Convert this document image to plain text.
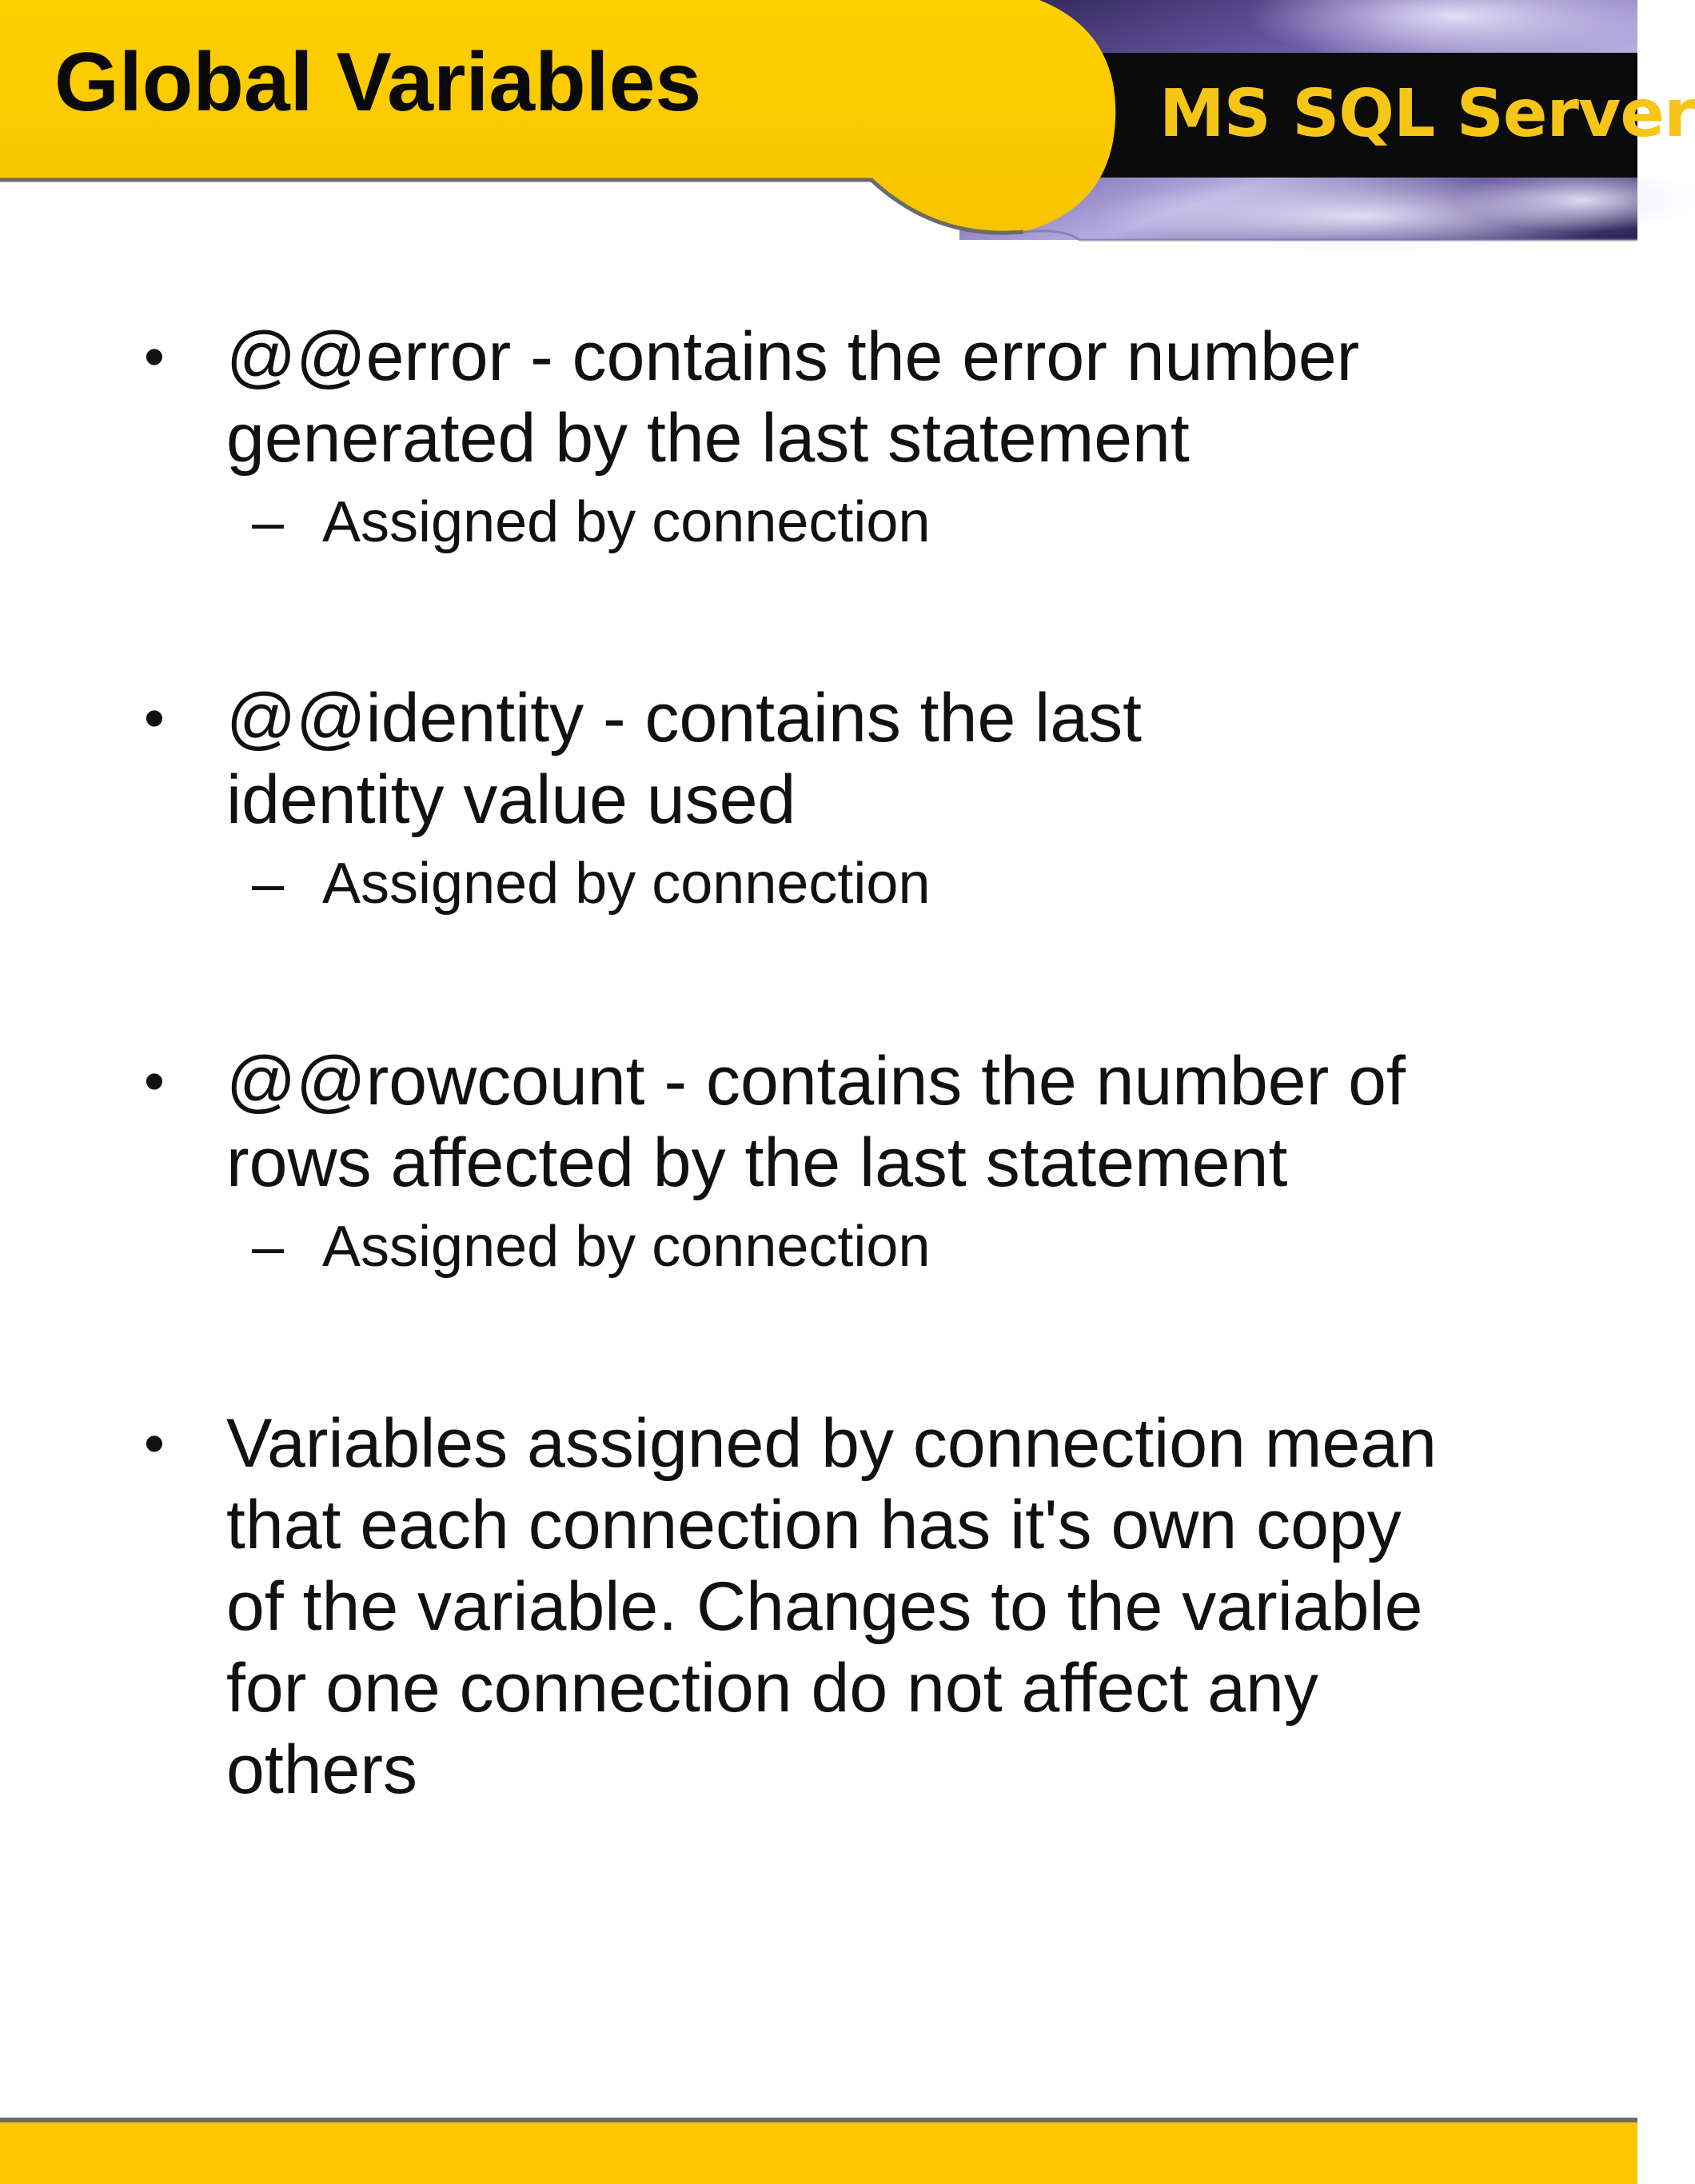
Global Variables	MS SQL Server
• @@error - contains the error number generated by the last statement
– Assigned by connection
• @@identity - contains the last identity value used
– Assigned by connection
• @@rowcount - contains the number of rows affected by the last statement
– Assigned by connection
• Variables assigned by connection mean that each connection has it's own copy of the variable. Changes to the variable for one connection do not affect any others
